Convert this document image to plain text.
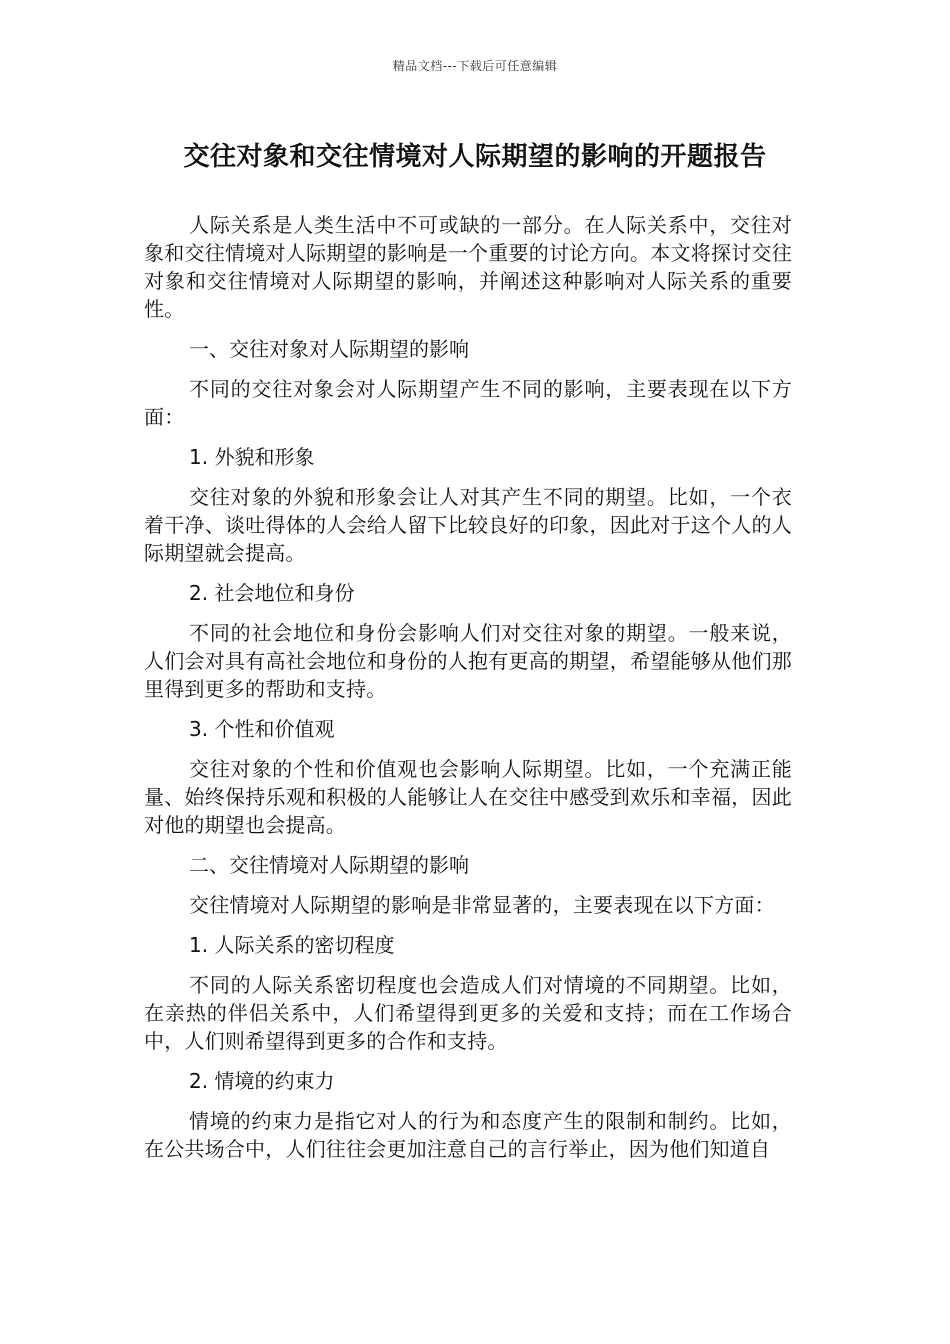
精品文档---下载后可任意编辑
交往对象和交往情境对人际期望的影响的开题报告

人际关系是人类生活中不可或缺的一部分。在人际关系中，交往对象和交往情境对人际期望的影响是一个重要的讨论方向。本文将探讨交往对象和交往情境对人际期望的影响，并阐述这种影响对人际关系的重要性。

一、交往对象对人际期望的影响

不同的交往对象会对人际期望产生不同的影响，主要表现在以下方面：

1. 外貌和形象

交往对象的外貌和形象会让人对其产生不同的期望。比如，一个衣着干净、谈吐得体的人会给人留下比较良好的印象，因此对于这个人的人际期望就会提高。

2. 社会地位和身份

不同的社会地位和身份会影响人们对交往对象的期望。一般来说，人们会对具有高社会地位和身份的人抱有更高的期望，希望能够从他们那里得到更多的帮助和支持。

3. 个性和价值观

交往对象的个性和价值观也会影响人际期望。比如，一个充满正能量、始终保持乐观和积极的人能够让人在交往中感受到欢乐和幸福，因此对他的期望也会提高。

二、交往情境对人际期望的影响

交往情境对人际期望的影响是非常显著的，主要表现在以下方面：

1. 人际关系的密切程度

不同的人际关系密切程度也会造成人们对情境的不同期望。比如，在亲热的伴侣关系中，人们希望得到更多的关爱和支持；而在工作场合中，人们则希望得到更多的合作和支持。

2. 情境的约束力

情境的约束力是指它对人的行为和态度产生的限制和制约。比如，在公共场合中，人们往往会更加注意自己的言行举止，因为他们知道自
